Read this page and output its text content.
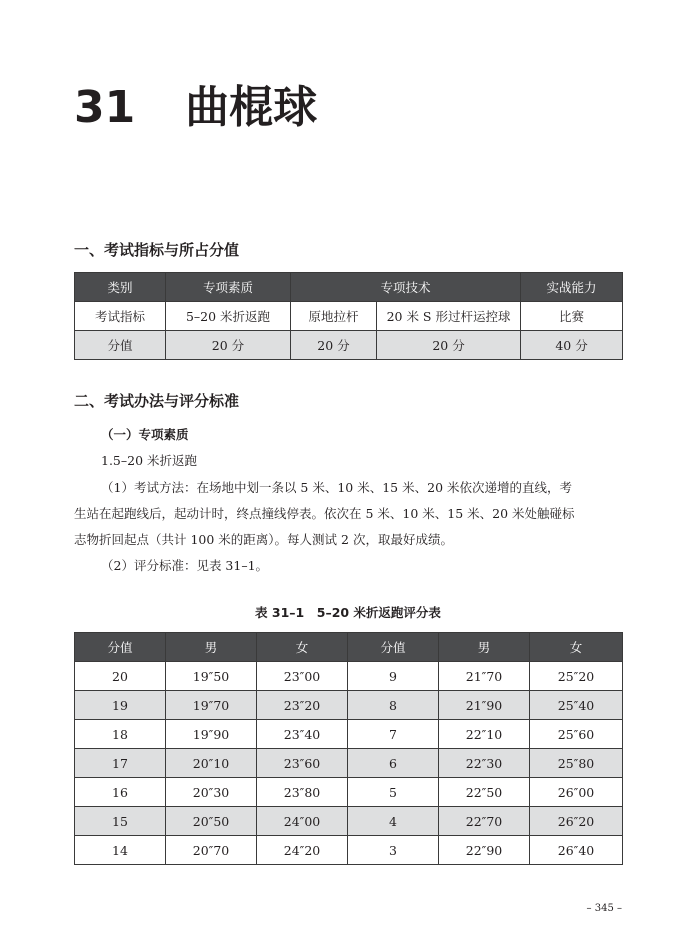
31 曲棍球
一、考试指标与所占分值
类别	专项素质	专项技术		实战能力
考试指标	5–20 米折返跑	原地拉杆	20 米 S 形过杆运控球	比赛
分值	20 分	20 分	20 分	40 分
二、考试办法与评分标准
（一）专项素质
1.5–20 米折返跑
（1）考试方法：在场地中划一条以 5 米、10 米、15 米、20 米依次递增的直线，考
生站在起跑线后，起动计时，终点撞线停表。依次在 5 米、10 米、15 米、20 米处触碰标
志物折回起点（共计 100 米的距离）。每人测试 2 次，取最好成绩。
（2）评分标准：见表 31–1。
表 31–1　5–20 米折返跑评分表
分值	男	女	分值	男	女
20	19″50	23″00	9	21″70	25″20
19	19″70	23″20	8	21″90	25″40
18	19″90	23″40	7	22″10	25″60
17	20″10	23″60	6	22″30	25″80
16	20″30	23″80	5	22″50	26″00
15	20″50	24″00	4	22″70	26″20
14	20″70	24″20	3	22″90	26″40
– 345 –
